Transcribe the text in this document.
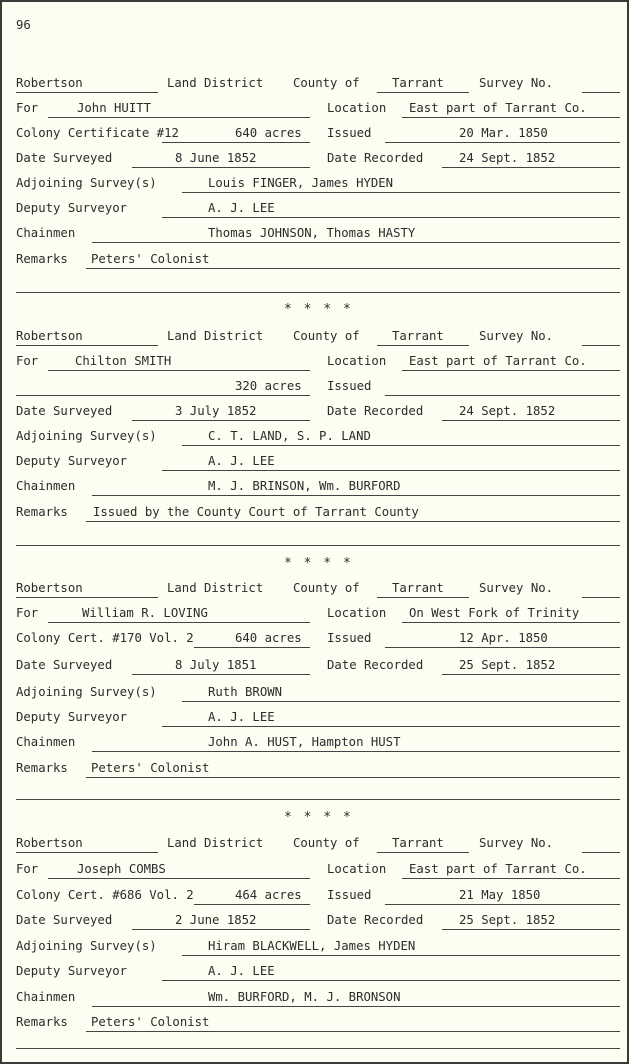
96
Robertson	Land District County of	Tarrant	Survey No.
For	John HUITT	Location East part of Tarrant Co.
Colony Certificate #12	640 acres Issued	20 Mar. 1850
Date Surveyed	8 June 1852	Date Recorded	24 Sept. 1852
Adjoining Survey(s)	Louis FINGER, James HYDEN
Deputy Surveyor	A. J. LEE
Chainmen	Thomas JOHNSON, Thomas HASTY
Remarks Peters' Colonist
* * * *
Robertson	Land District County of	Tarrant	Survey No.
For	Chilton SMITH	Location East part of Tarrant Co.
320 acres Issued
Date Surveyed	3 July 1852	Date Recorded	24 Sept. 1852
Adjoining Survey(s)	C. T. LAND, S. P. LAND
Deputy Surveyor	A. J. LEE
Chainmen	M. J. BRINSON, Wm. BURFORD
Remarks Issued by the County Court of Tarrant County
* * * *
Robertson	Land District County of	Tarrant	Survey No.
For	William R. LOVING	Location On West Fork of Trinity
Colony Cert. #170 Vol. 2	640 acres Issued	12 Apr. 1850
Date Surveyed	8 July 1851	Date Recorded	25 Sept. 1852
Adjoining Survey(s)	Ruth BROWN
Deputy Surveyor	A. J. LEE
Chainmen	John A. HUST, Hampton HUST
Remarks Peters' Colonist
* * * *
Robertson	Land District County of	Tarrant	Survey No.
For	Joseph COMBS	Location East part of Tarrant Co.
Colony Cert. #686 Vol. 2	464 acres Issued	21 May 1850
Date Surveyed	2 June 1852	Date Recorded	25 Sept. 1852
Adjoining Survey(s)	Hiram BLACKWELL, James HYDEN
Deputy Surveyor	A. J. LEE
Chainmen	Wm. BURFORD, M. J. BRONSON
Remarks Peters' Colonist
